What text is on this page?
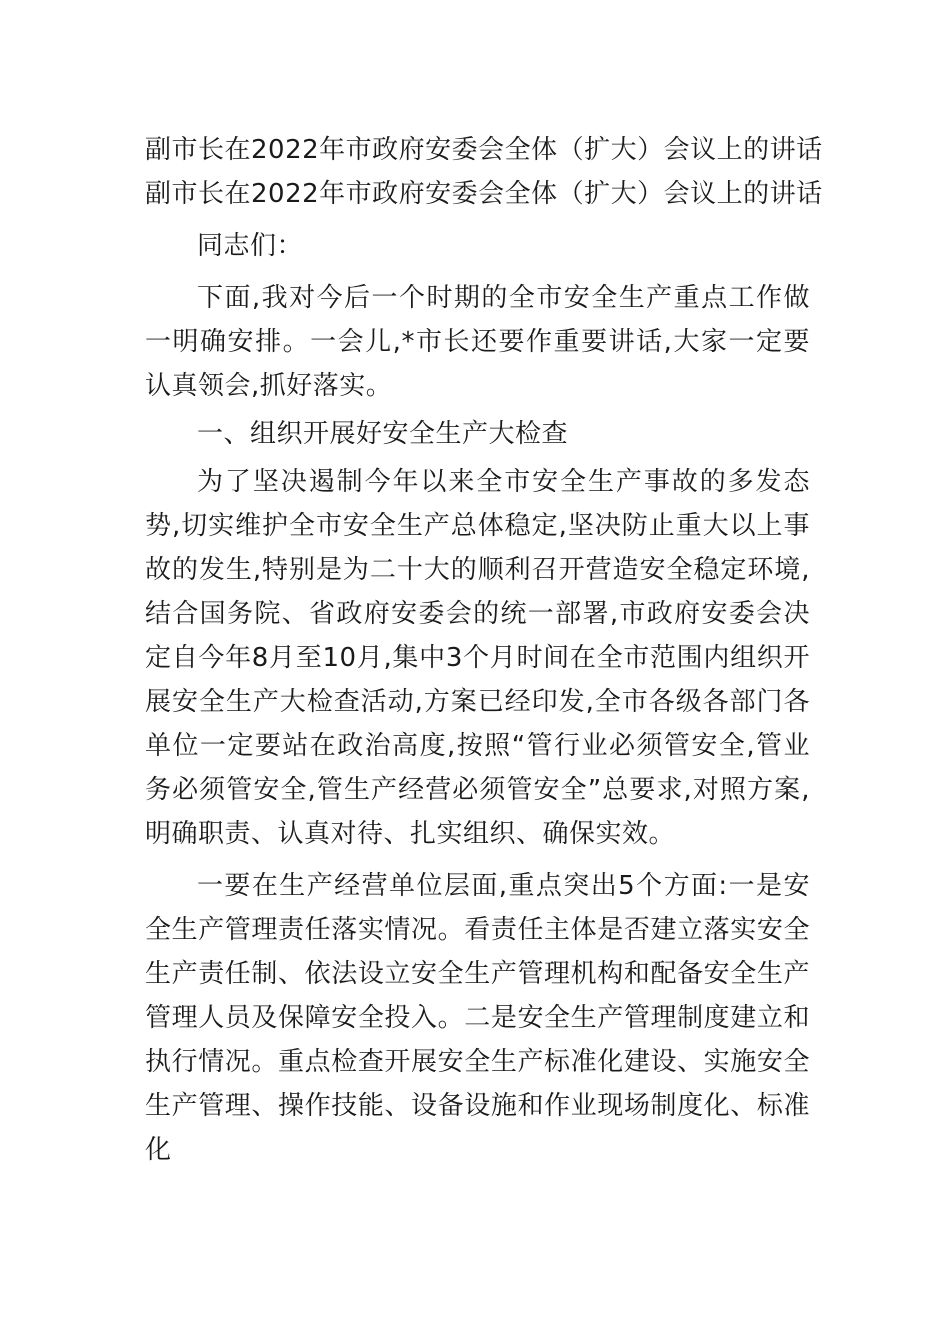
副市长在2022年市政府安委会全体（扩大）会议上的讲话
副市长在2022年市政府安委会全体（扩大）会议上的讲话

同志们：

下面,我对今后一个时期的全市安全生产重点工作做一明确安排。一会儿,*市长还要作重要讲话,大家一定要认真领会,抓好落实。

一、组织开展好安全生产大检查

为了坚决遏制今年以来全市安全生产事故的多发态势,切实维护全市安全生产总体稳定,坚决防止重大以上事故的发生,特别是为二十大的顺利召开营造安全稳定环境,结合国务院、省政府安委会的统一部署,市政府安委会决定自今年8月至10月,集中3个月时间在全市范围内组织开展安全生产大检查活动,方案已经印发,全市各级各部门各单位一定要站在政治高度,按照“管行业必须管安全,管业务必须管安全,管生产经营必须管安全”总要求,对照方案,明确职责、认真对待、扎实组织、确保实效。

一要在生产经营单位层面,重点突出5个方面:一是安全生产管理责任落实情况。看责任主体是否建立落实安全生产责任制、依法设立安全生产管理机构和配备安全生产管理人员及保障安全投入。二是安全生产管理制度建立和执行情况。重点检查开展安全生产标准化建设、实施安全生产管理、操作技能、设备设施和作业现场制度化、标准化
